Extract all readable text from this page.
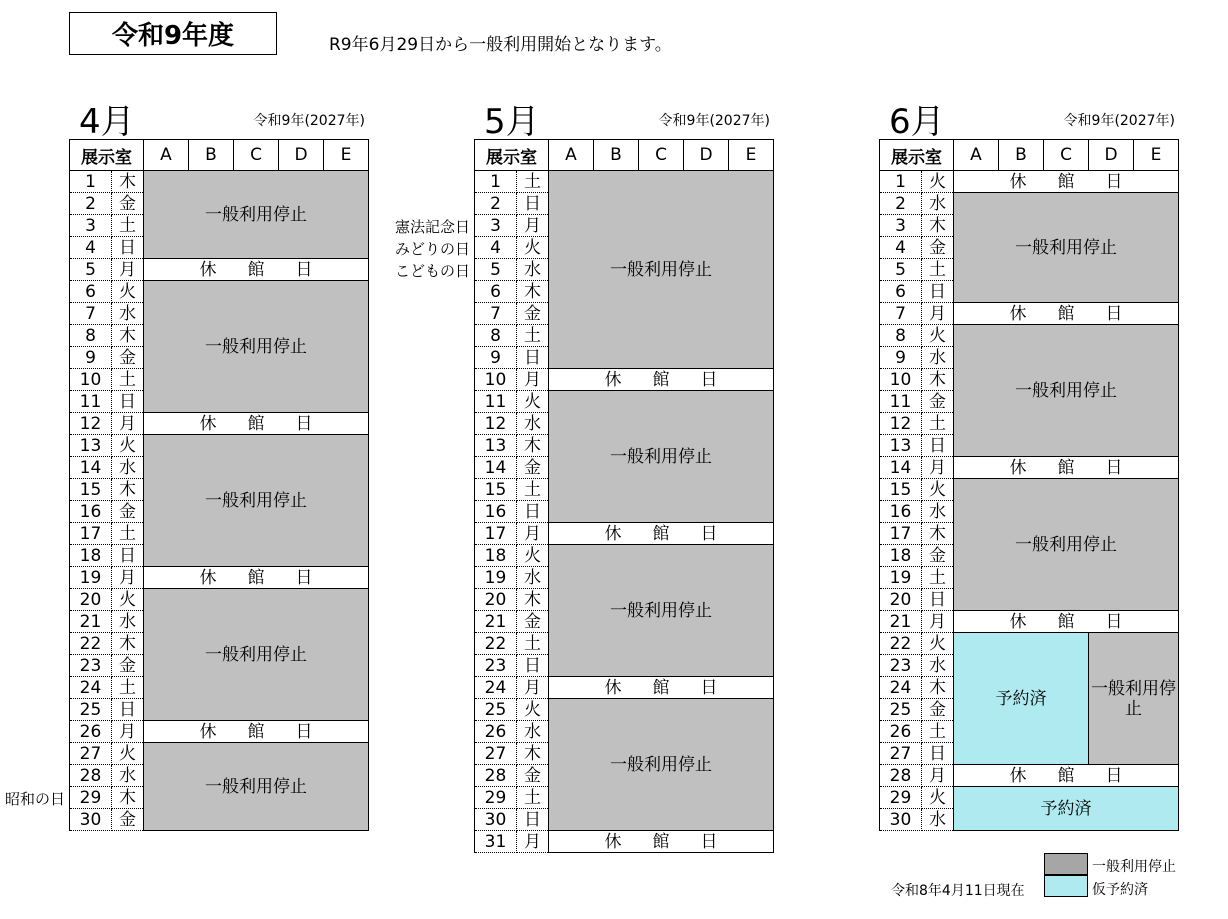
令和9年度	R9年6月29日から一般利用開始となります。
4月	令和9年(2027年)
展示室		A	B	C	D	E
1	木	一般利用停止				
2	金					
3	土					
4	日					
5	月	休 館 日				

6	火	一般利用停止				
7	水					
8	木					
9	金					
10	土					
11	日					
12	月	休 館 日				

13	火	一般利用停止				
14	水					
15	木					
16	金					
17	土					
18	日					
19	月	休 館 日				

20	火	一般利用停止				
21	水					
22	木					
23	金					
24	土					
25	日					
26	月	休 館 日				

27	火	一般利用停止				
28	水					
29	木					
30	金					
昭和の日
5月	令和9年(2027年)
展示室		A	B	C	D	E
1	土	一般利用停止				
2	日					
3	月					
4	火					
5	水					
6	木					
7	金					
8	土					
9	日					
10	月	休 館 日				

11	火	一般利用停止				
12	水					
13	木					
14	金					
15	土					
16	日					
17	月	休 館 日				

18	火	一般利用停止				
19	水					
20	木					
21	金					
22	土					
23	日					
24	月	休 館 日				

25	火	一般利用停止				
26	水					
27	木					
28	金					
29	土					
30	日					
31	月	休 館 日				
憲法記念日
みどりの日
こどもの日
6月	令和9年(2027年)
展示室		A	B	C	D	E
1	火	休 館 日				

2	水	一般利用停止				
3	木					
4	金					
5	土					
6	日					
7	月	休 館 日				

8	火	一般利用停止				
9	水					
10	木					
11	金					
12	土					
13	日					
14	月	休 館 日				

15	火	一般利用停止				
16	水					
17	木					
18	金					
19	土					
20	日					
21	月	休 館 日				

22	火	予約済			一般利用停止	
23	水					
24	木					
25	金					
26	土					
27	日					
28	月	休 館 日				

29	火	予約済				
30	水					
令和8年4月11日現在
一般利用停止
仮予約済
